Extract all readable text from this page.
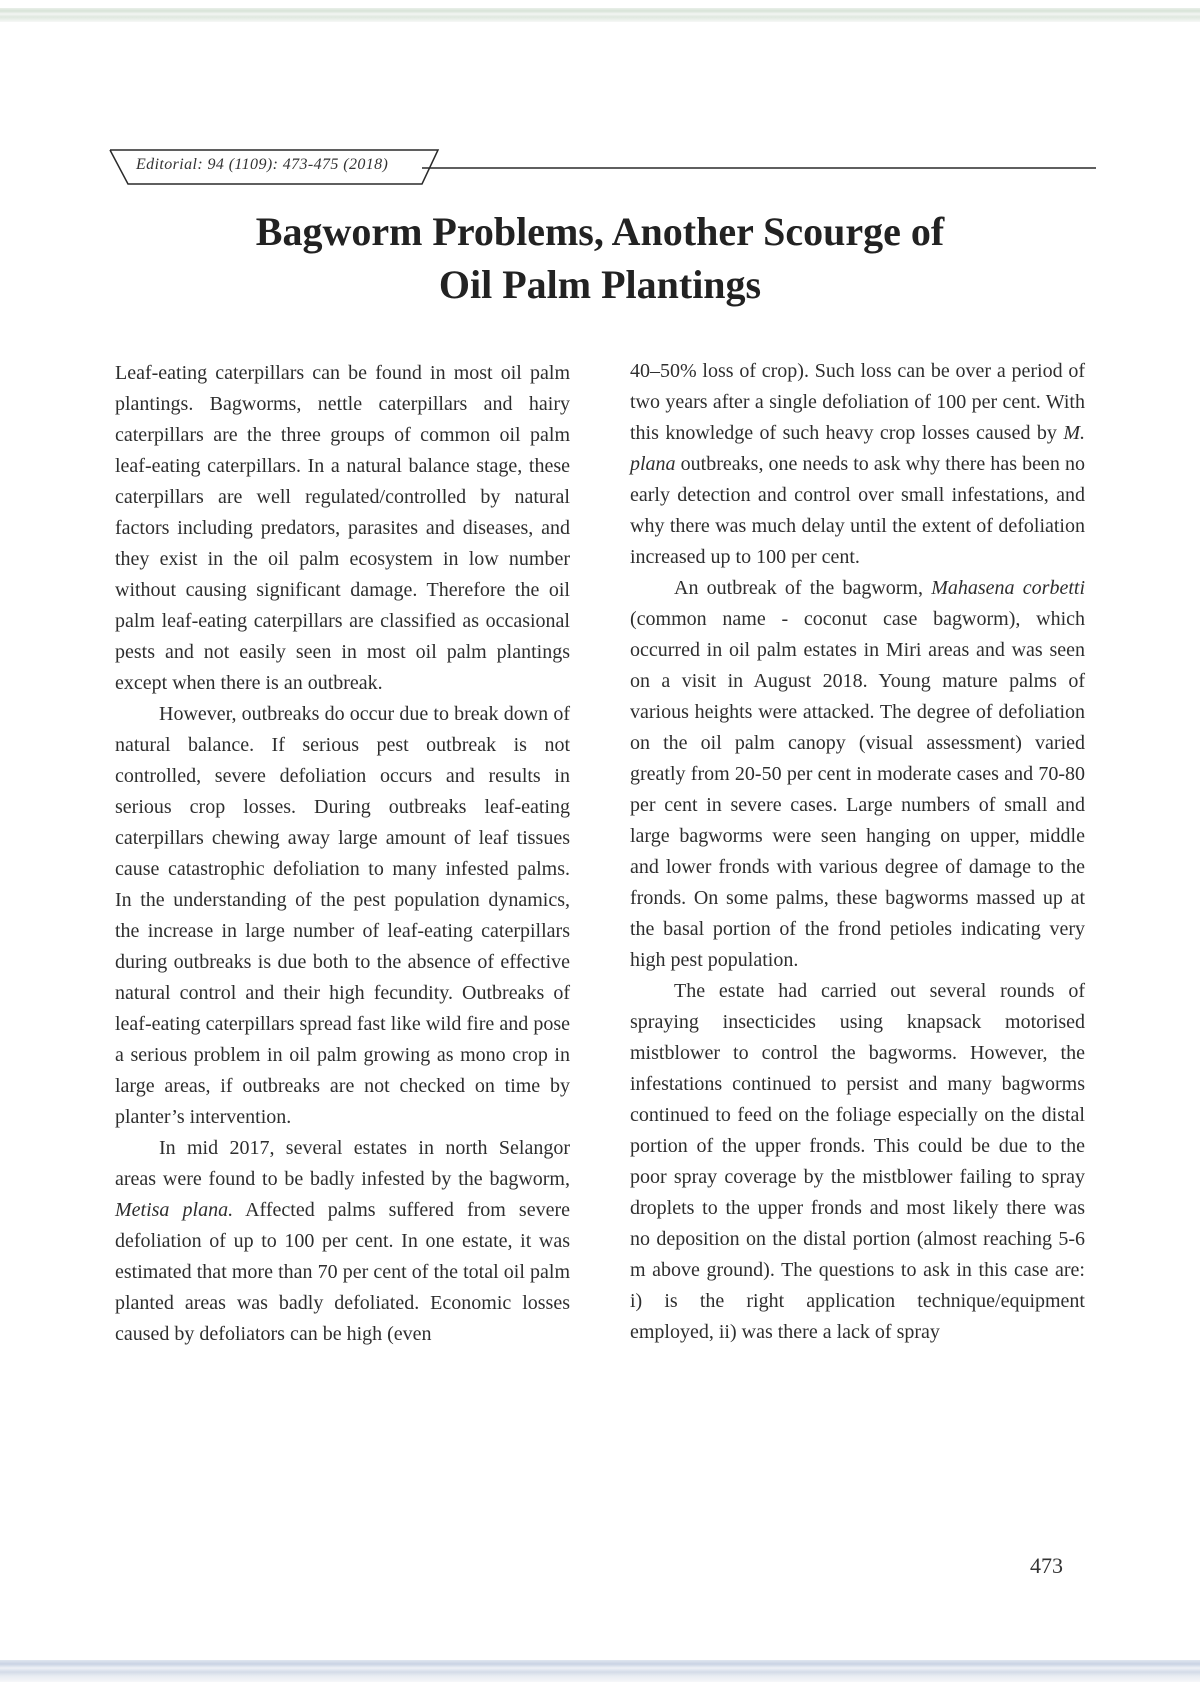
Editorial: 94 (1109): 473-475 (2018)
Bagworm Problems, Another Scourge of
Oil Palm Plantings

Leaf-eating caterpillars can be found in most oil palm plantings. Bagworms, nettle caterpillars and hairy caterpillars are the three groups of common oil palm leaf-eating caterpillars. In a natural balance stage, these caterpillars are well regulated/controlled by natural factors including predators, parasites and diseases, and they exist in the oil palm ecosystem in low number without causing significant damage. Therefore the oil palm leaf-eating caterpillars are classified as occasional pests and not easily seen in most oil palm plantings except when there is an outbreak.

However, outbreaks do occur due to break down of natural balance. If serious pest outbreak is not controlled, severe defoliation occurs and results in serious crop losses. During outbreaks leaf-eating caterpillars chewing away large amount of leaf tissues cause catastrophic defoliation to many infested palms. In the understanding of the pest population dynamics, the increase in large number of leaf-eating caterpillars during outbreaks is due both to the absence of effective natural control and their high fecundity. Outbreaks of leaf-eating caterpillars spread fast like wild fire and pose a serious problem in oil palm growing as mono crop in large areas, if outbreaks are not checked on time by planter’s intervention.

In mid 2017, several estates in north Selangor areas were found to be badly infested by the bagworm, Metisa plana. Affected palms suffered from severe defoliation of up to 100 per cent. In one estate, it was estimated that more than 70 per cent of the total oil palm planted areas was badly defoliated. Economic losses caused by defoliators can be high (even

40–50% loss of crop). Such loss can be over a period of two years after a single defoliation of 100 per cent. With this knowledge of such heavy crop losses caused by M. plana outbreaks, one needs to ask why there has been no early detection and control over small infestations, and why there was much delay until the extent of defoliation increased up to 100 per cent.

An outbreak of the bagworm, Mahasena corbetti (common name - coconut case bagworm), which occurred in oil palm estates in Miri areas and was seen on a visit in August 2018. Young mature palms of various heights were attacked. The degree of defoliation on the oil palm canopy (visual assessment) varied greatly from 20-50 per cent in moderate cases and 70-80 per cent in severe cases. Large numbers of small and large bagworms were seen hanging on upper, middle and lower fronds with various degree of damage to the fronds. On some palms, these bagworms massed up at the basal portion of the frond petioles indicating very high pest population.

The estate had carried out several rounds of spraying insecticides using knapsack motorised mistblower to control the bagworms. However, the infestations continued to persist and many bagworms continued to feed on the foliage especially on the distal portion of the upper fronds. This could be due to the poor spray coverage by the mistblower failing to spray droplets to the upper fronds and most likely there was no deposition on the distal portion (almost reaching 5-6 m above ground). The questions to ask in this case are: i) is the right application technique/equipment employed, ii) was there a lack of spray

473
